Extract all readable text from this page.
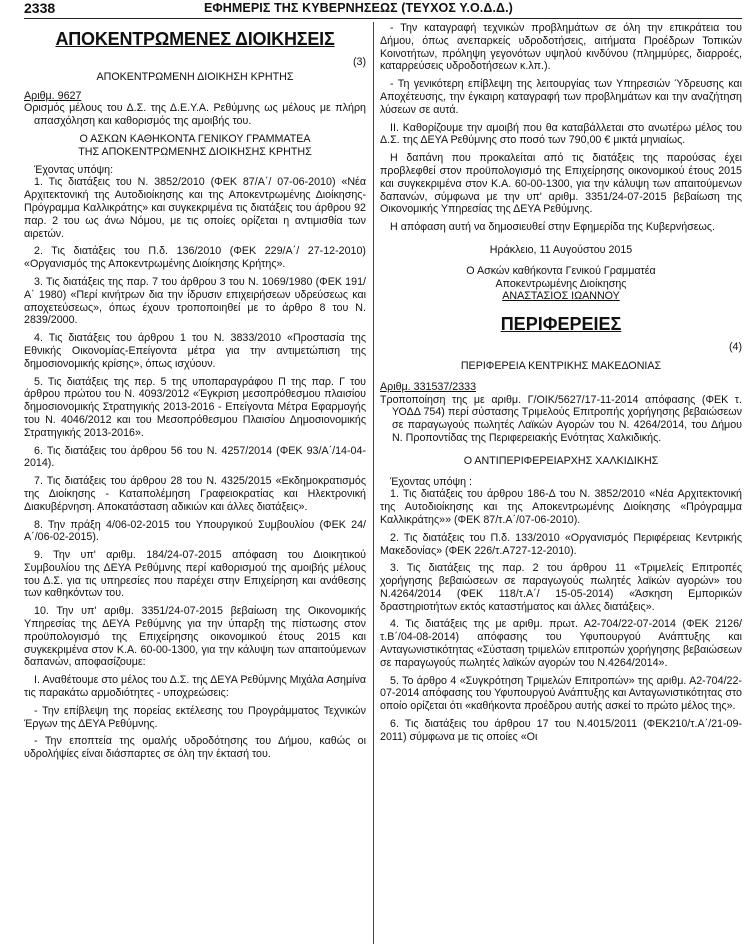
2338	ΕΦΗΜΕΡΙΣ ΤΗΣ ΚΥΒΕΡΝΗΣΕΩΣ (ΤΕΥΧΟΣ Υ.Ο.Δ.Δ.)

ΑΠΟΚΕΝΤΡΩΜΕΝΕΣ ΔΙΟΙΚΗΣΕΙΣ

(3)

ΑΠΟΚΕΝΤΡΩΜΕΝΗ ΔΙΟΙΚΗΣΗ ΚΡΗΤΗΣ

Αριθμ. 9627

Ορισμός μέλους του Δ.Σ. της Δ.Ε.Υ.Α. Ρεθύμνης ως μέλους με πλήρη απασχόληση και καθορισμός της αμοιβής του.

Ο ΑΣΚΩΝ ΚΑΘΗΚΟΝΤΑ ΓΕΝΙΚΟΥ ΓΡΑΜΜΑΤΕΑ

ΤΗΣ ΑΠΟΚΕΝΤΡΩΜΕΝΗΣ ΔΙΟΙΚΗΣΗΣ ΚΡΗΤΗΣ

Έχοντας υπόψη:

1. Τις διατάξεις του Ν. 3852/2010 (ΦΕΚ 87/Α΄/ 07-06-2010) «Νέα Αρχιτεκτονική της Αυτοδιοίκησης και της Αποκεντρωμένης Διοίκησης-Πρόγραμμα Καλλικράτης» και συγκεκριμένα τις διατάξεις του άρθρου 92 παρ. 2 του ως άνω Νόμου, με τις οποίες ορίζεται η αντιμισθία των αιρετών.

2. Τις διατάξεις του Π.δ. 136/2010 (ΦΕΚ 229/Α΄/ 27-12-2010) «Οργανισμός της Αποκεντρωμένης Διοίκησης Κρήτης».

3. Τις διατάξεις της παρ. 7 του άρθρου 3 του Ν. 1069/1980 (ΦΕΚ 191/Α΄ 1980) «Περί κινήτρων δια την ίδρυσιν επιχειρήσεων υδρεύσεως και αποχετεύσεως», όπως έχουν τροποποιηθεί με το άρθρο 8 του Ν. 2839/2000.

4. Τις διατάξεις του άρθρου 1 του Ν. 3833/2010 «Προστασία της Εθνικής Οικονομίας-Επείγοντα μέτρα για την αντιμετώπιση της δημοσιονομικής κρίσης», όπως ισχύουν.

5. Τις διατάξεις της περ. 5 της υποπαραγράφου Π της παρ. Γ του άρθρου πρώτου του Ν. 4093/2012 «Έγκριση μεσοπρόθεσμου πλαισίου δημοσιονομικής Στρατηγικής 2013-2016 - Επείγοντα Μέτρα Εφαρμογής του Ν. 4046/2012 και του Μεσοπρόθεσμου Πλαισίου Δημοσιονομικής Στρατηγικής 2013-2016».

6. Τις διατάξεις του άρθρου 56 του Ν. 4257/2014 (ΦΕΚ 93/Α΄/14-04-2014).

7. Τις διατάξεις του άρθρου 28 του Ν. 4325/2015 «Εκδημοκρατισμός της Διοίκησης - Καταπολέμηση Γραφειοκρατίας και Ηλεκτρονική Διακυβέρνηση. Αποκατάσταση αδικιών και άλλες διατάξεις».

8. Την πράξη 4/06-02-2015 του Υπουργικού Συμβουλίου (ΦΕΚ 24/Α΄/06-02-2015).

9. Την υπ' αριθμ. 184/24-07-2015 απόφαση του Διοικητικού Συμβουλίου της ΔΕΥΑ Ρεθύμνης περί καθορισμού της αμοιβής μέλους του Δ.Σ. για τις υπηρεσίες που παρέχει στην Επιχείρηση και ανάθεσης των καθηκόντων του.

10. Την υπ' αριθμ. 3351/24-07-2015 βεβαίωση της Οικονομικής Υπηρεσίας της ΔΕΥΑ Ρεθύμνης για την ύπαρξη της πίστωσης στον προϋπολογισμό της Επιχείρησης οικονομικού έτους 2015 και συγκεκριμένα στον Κ.Α. 60-00-1300, για την κάλυψη των απαιτούμενων δαπανών, αποφασίζουμε:

Ι. Αναθέτουμε στο μέλος του Δ.Σ. της ΔΕΥΑ Ρεθύμνης Μιχάλα Ασημίνα τις παρακάτω αρμοδιότητες - υποχρεώσεις:

- Την επίβλεψη της πορείας εκτέλεσης του Προγράμματος Τεχνικών Έργων της ΔΕΥΑ Ρεθύμνης.

- Την εποπτεία της ομαλής υδροδότησης του Δήμου, καθώς οι υδρολήψίες είναι διάσπαρτες σε όλη την έκτασή του.

- Την καταγραφή τεχνικών προβλημάτων σε όλη την επικράτεια του Δήμου, όπως ανεπαρκείς υδροδοτήσεις, αιτήματα Προέδρων Τοπικών Κοινοτήτων, πρόληψη γεγονότων υψηλού κινδύνου (πλημμύρες, διαρροές, καταρρεύσεις υδροδοτήσεων κ.λπ.).

- Τη γενικότερη επίβλεψη της λειτουργίας των Υπηρεσιών Ύδρευσης και Αποχέτευσης, την έγκαιρη καταγραφή των προβλημάτων και την αναζήτηση λύσεων σε αυτά.

ΙΙ. Καθορίζουμε την αμοιβή που θα καταβάλλεται στο ανωτέρω μέλος του Δ.Σ. της ΔΕΥΑ Ρεθύμνης στο ποσό των 790,00 € μικτά μηνιαίως.

Η δαπάνη που προκαλείται από τις διατάξεις της παρούσας έχει προβλεφθεί στον προϋπολογισμό της Επιχείρησης οικονομικού έτους 2015 και συγκεκριμένα στον Κ.Α. 60-00-1300, για την κάλυψη των απαιτούμενων δαπανών, σύμφωνα με την υπ' αριθμ. 3351/24-07-2015 βεβαίωση της Οικονομικής Υπηρεσίας της ΔΕΥΑ Ρεθύμνης.

Η απόφαση αυτή να δημοσιευθεί στην Εφημερίδα της Κυβερνήσεως.

Ηράκλειο, 11 Αυγούστου 2015

Ο Ασκών καθήκοντα Γενικού Γραμματέα

Αποκεντρωμένης Διοίκησης

ΑΝΑΣΤΑΣΙΟΣ ΙΩΑΝΝΟΥ

ΠΕΡΙΦΕΡΕΙΕΣ

(4)

ΠΕΡΙΦΕΡΕΙΑ ΚΕΝΤΡΙΚΗΣ ΜΑΚΕΔΟΝΙΑΣ

Αριθμ. 331537/2333

Τροποποίηση της με αριθμ. Γ/ΟΙΚ/5627/17-11-2014 απόφασης (ΦΕΚ τ. ΥΟΔΔ 754) περί σύστασης Τριμελούς Επιτροπής χορήγησης βεβαιώσεων σε παραγωγούς πωλητές Λαϊκών Αγορών του Ν. 4264/2014, του Δήμου Ν. Προποντίδας της Περιφερειακής Ενότητας Χαλκιδικής.

Ο ΑΝΤΙΠΕΡΙΦΕΡΕΙΑΡΧΗΣ ΧΑΛΚΙΔΙΚΗΣ

Έχοντας υπόψη :

1. Τις διατάξεις του άρθρου 186-Δ του Ν. 3852/2010 «Νέα Αρχιτεκτονική της Αυτοδιοίκησης και της Αποκεντρωμένης Διοίκησης «Πρόγραμμα Καλλικράτης»» (ΦΕΚ 87/τ.Α΄/07-06-2010).

2. Τις διατάξεις του Π.δ. 133/2010 «Οργανισμός Περιφέρειας Κεντρικής Μακεδονίας» (ΦΕΚ 226/τ.Α727-12-2010).

3. Τις διατάξεις της παρ. 2 του άρθρου 11 «Τριμελείς Επιτροπές χορήγησης βεβαιώσεων σε παραγωγούς πωλητές λαϊκών αγορών» του Ν.4264/2014 (ΦΕΚ 118/τ.Α΄/ 15-05-2014) «Άσκηση Εμπορικών δραστηριοτήτων εκτός καταστήματος και άλλες διατάξεις».

4. Τις διατάξεις της με αριθμ. πρωτ. Α2-704/22-07-2014 (ΦΕΚ 2126/τ.Β΄/04-08-2014) απόφασης του Υφυπουργού Ανάπτυξης και Ανταγωνιστικότητας «Σύσταση τριμελών επιτροπών χορήγησης βεβαιώσεων σε παραγωγούς πωλητές λαϊκών αγορών του Ν.4264/2014».

5. Το άρθρο 4 «Συγκρότηση Τριμελών Επιτροπών» της αριθμ. Α2-704/22-07-2014 απόφασης του Υφυπουργού Ανάπτυξης και Ανταγωνιστικότητας στο οποίο ορίζεται ότι «καθήκοντα προέδρου αυτής ασκεί το πρώτο μέλος της».

6. Τις διατάξεις του άρθρου 17 του Ν.4015/2011 (ΦΕΚ210/τ.Α΄/21-09-2011) σύμφωνα με τις οποίες «Οι
